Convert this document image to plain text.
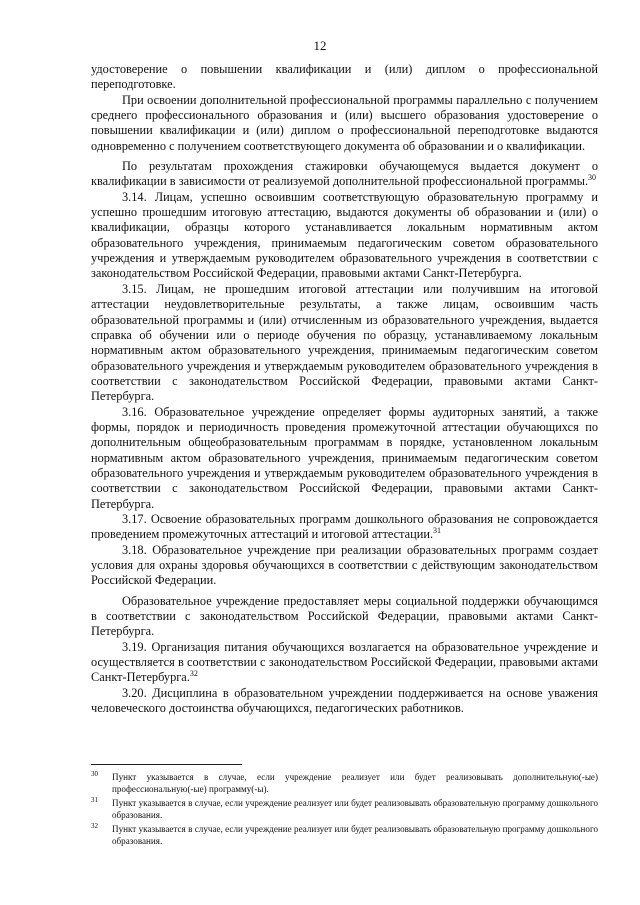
12

удостоверение о повышении квалификации и (или) диплом о профессиональной переподготовке.

При освоении дополнительной профессиональной программы параллельно с получением среднего профессионального образования и (или) высшего образования удостоверение о повышении квалификации и (или) диплом о профессиональной переподготовке выдаются одновременно с получением соответствующего документа об образовании и о квалификации.

По результатам прохождения стажировки обучающемуся выдается документ о квалификации в зависимости от реализуемой дополнительной профессиональной программы.$^{30}$

3.14. Лицам, успешно освоившим соответствующую образовательную программу и успешно прошедшим итоговую аттестацию, выдаются документы об образовании и (или) о квалификации, образцы которого устанавливается локальным нормативным актом образовательного учреждения, принимаемым педагогическим советом образовательного учреждения и утверждаемым руководителем образовательного учреждения в соответствии с законодательством Российской Федерации, правовыми актами Санкт-Петербурга.

3.15. Лицам, не прошедшим итоговой аттестации или получившим на итоговой аттестации неудовлетворительные результаты, а также лицам, освоившим часть образовательной программы и (или) отчисленным из образовательного учреждения, выдается справка об обучении или о периоде обучения по образцу, устанавливаемому локальным нормативным актом образовательного учреждения, принимаемым педагогическим советом образовательного учреждения и утверждаемым руководителем образовательного учреждения в соответствии с законодательством Российской Федерации, правовыми актами Санкт-Петербурга.

3.16. Образовательное учреждение определяет формы аудиторных занятий, а также формы, порядок и периодичность проведения промежуточной аттестации обучающихся по дополнительным общеобразовательным программам в порядке, установленном локальным нормативным актом образовательного учреждения, принимаемым педагогическим советом образовательного учреждения и утверждаемым руководителем образовательного учреждения в соответствии с законодательством Российской Федерации, правовыми актами Санкт-Петербурга.

3.17. Освоение образовательных программ дошкольного образования не сопровождается проведением промежуточных аттестаций и итоговой аттестации.$^{31}$

3.18. Образовательное учреждение при реализации образовательных программ создает условия для охраны здоровья обучающихся в соответствии с действующим законодательством Российской Федерации.

Образовательное учреждение предоставляет меры социальной поддержки обучающимся в соответствии с законодательством Российской Федерации, правовыми актами Санкт-Петербурга.

3.19. Организация питания обучающихся возлагается на образовательное учреждение и осуществляется в соответствии с законодательством Российской Федерации, правовыми актами Санкт-Петербурга.$^{32}$

3.20. Дисциплина в образовательном учреждении поддерживается на основе уважения человеческого достоинства обучающихся, педагогических работников.

30 Пункт указывается в случае, если учреждение реализует или будет реализовывать дополнительную(-ые) профессиональную(-ые) программу(-ы).
31 Пункт указывается в случае, если учреждение реализует или будет реализовывать образовательную программу дошкольного образования.
32 Пункт указывается в случае, если учреждение реализует или будет реализовывать образовательную программу дошкольного образования.
